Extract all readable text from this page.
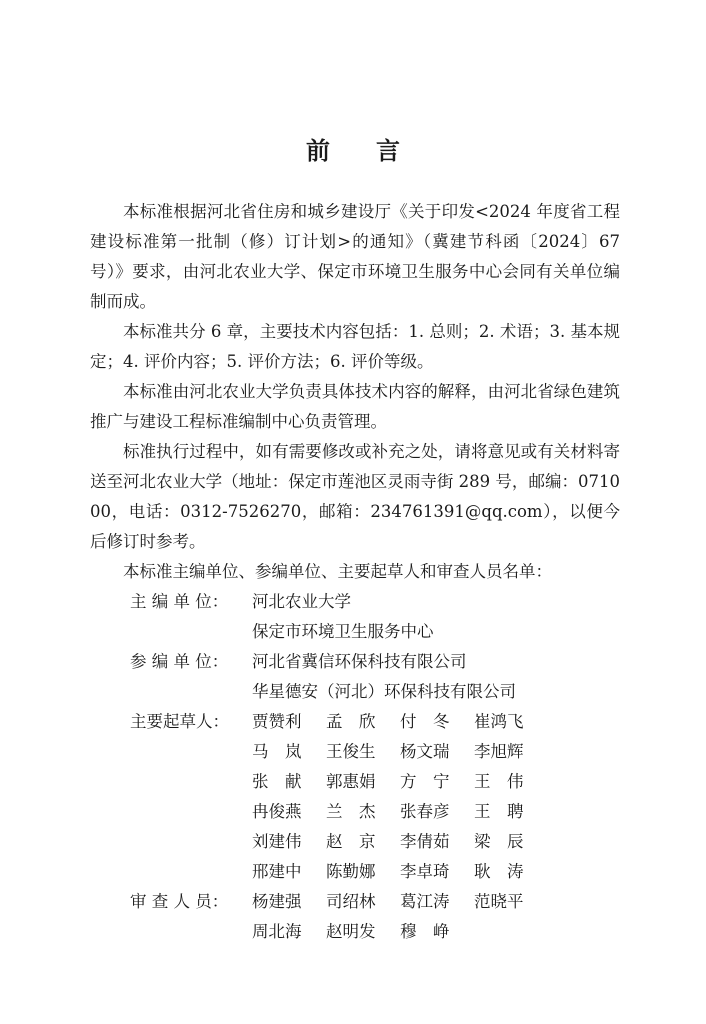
前 言

本标准根据河北省住房和城乡建设厅《关于印发<2024 年度省工程建设标准第一批制（修）订计划>的通知》（冀建节科函〔2024〕67 号）》要求，由河北农业大学、保定市环境卫生服务中心会同有关单位编制而成。

本标准共分 6 章，主要技术内容包括：1. 总则；2. 术语；3. 基本规定；4. 评价内容；5. 评价方法；6. 评价等级。

本标准由河北农业大学负责具体技术内容的解释，由河北省绿色建筑推广与建设工程标准编制中心负责管理。

标准执行过程中，如有需要修改或补充之处，请将意见或有关材料寄送至河北农业大学（地址：保定市莲池区灵雨寺街 289 号，邮编：071000，电话：0312-7526270，邮箱：234761391@qq.com），以便今后修订时参考。

本标准主编单位、参编单位、主要起草人和审查人员名单：

主 编 单 位：	河北农业大学
保定市环境卫生服务中心
参 编 单 位：	河北省冀信环保科技有限公司
华星德安（河北）环保科技有限公司
主要起草人：	贾赞利	孟　欣	付　冬	崔鸿飞
马　岚	王俊生	杨文瑞	李旭辉
张　献	郭惠娟	方　宁	王　伟
冉俊燕	兰　杰	张春彦	王　聘
刘建伟	赵　京	李倩茹	梁　辰
邢建中	陈勤娜	李卓琦	耿　涛
审 查 人 员：	杨建强	司绍林	葛江涛	范晓平
周北海	赵明发	穆　峥
